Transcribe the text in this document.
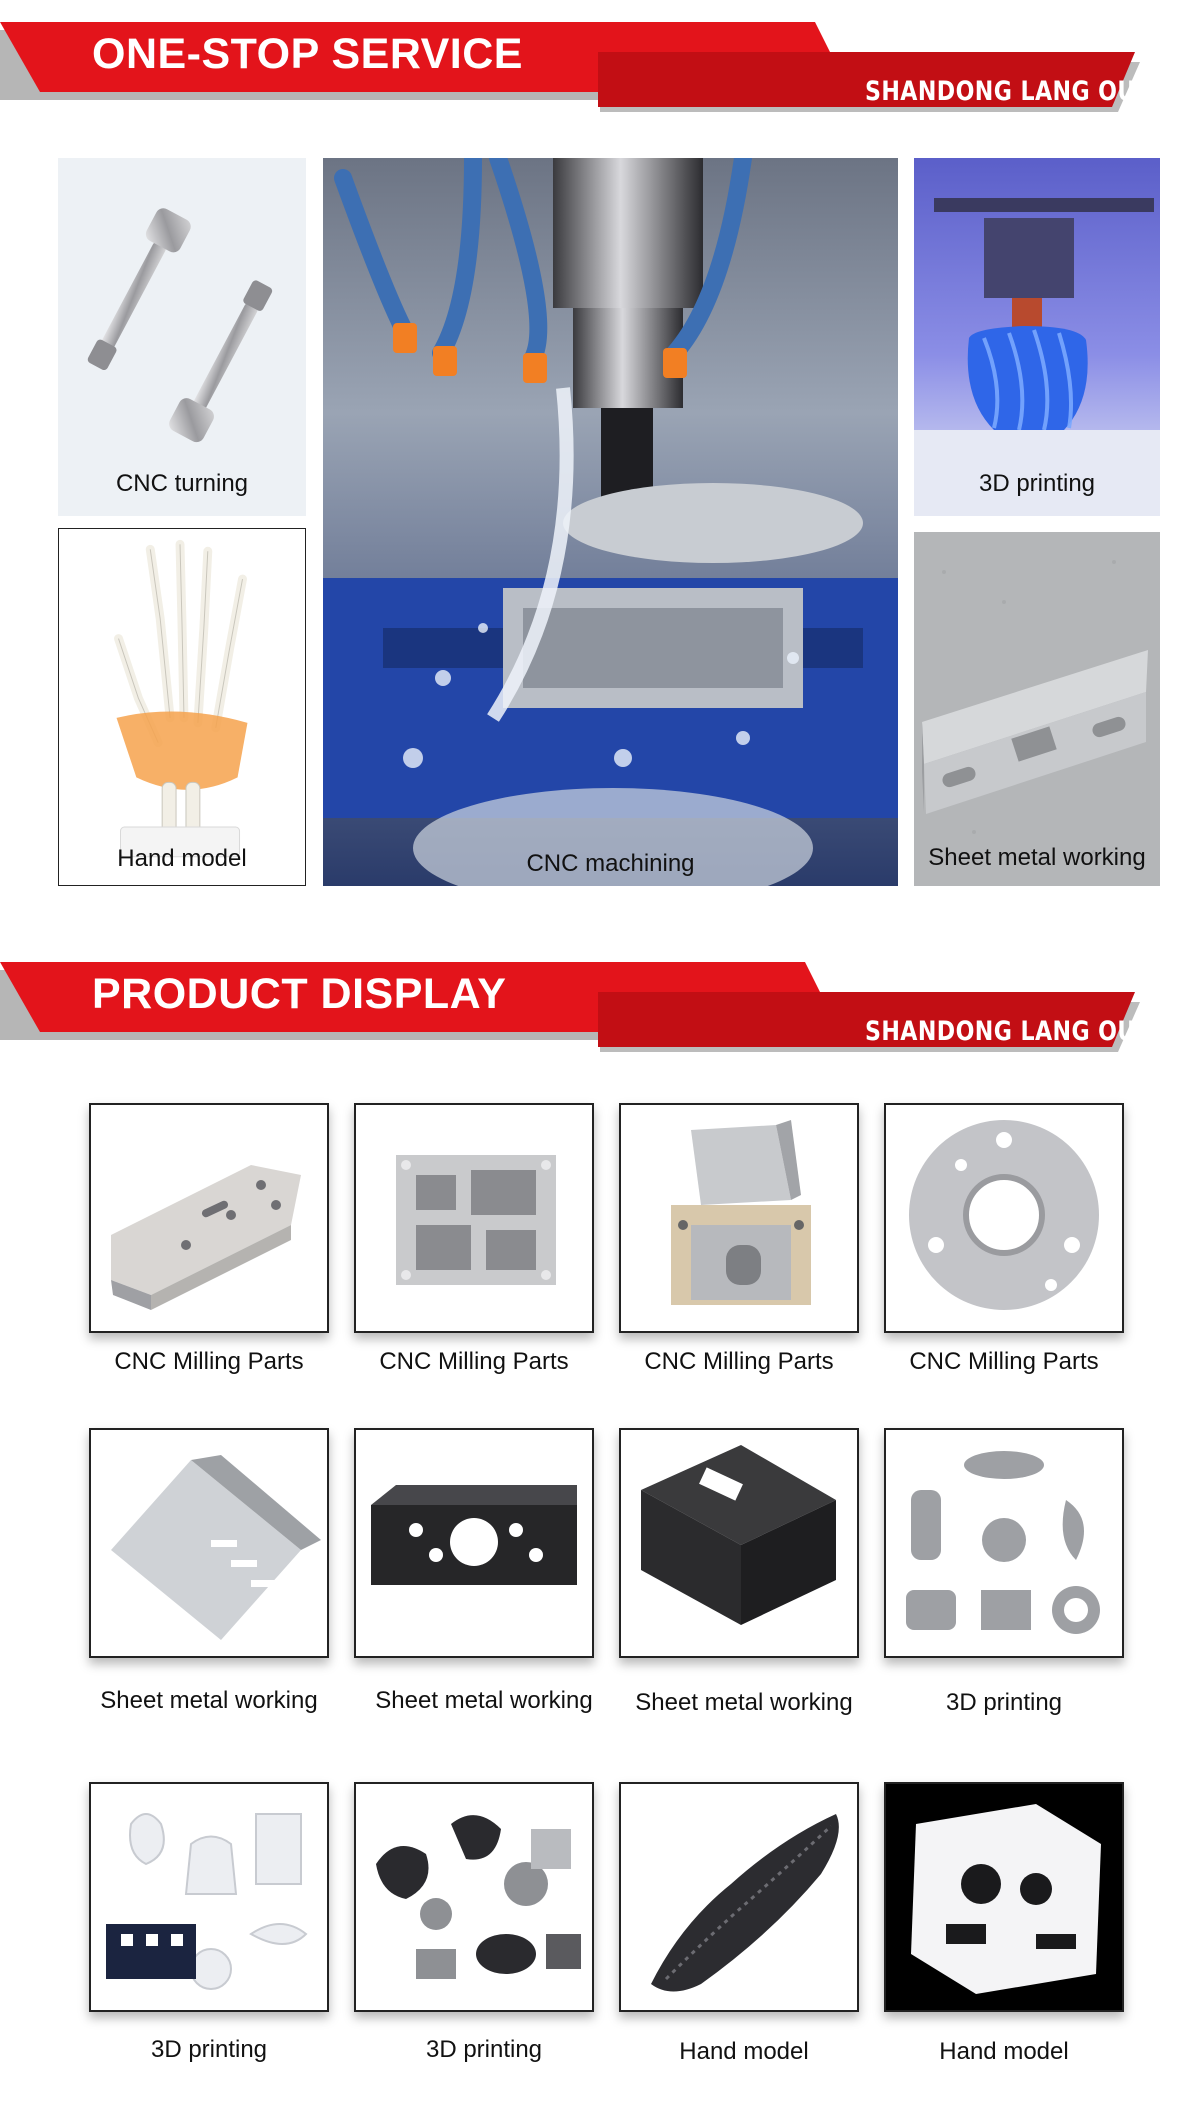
ONE-STOP SERVICE
SHANDONG LANG OU
CNC turning
Hand model	CNC machining
3D printing
Sheet metal working
PRODUCT DISPLAY
SHANDONG LANG OU
CNC Milling Parts	CNC Milling Parts	CNC Milling Parts	CNC Milling Parts
Sheet metal working	Sheet metal working	Sheet metal working	3D printing
3D printing	3D printing	Hand model	Hand model
